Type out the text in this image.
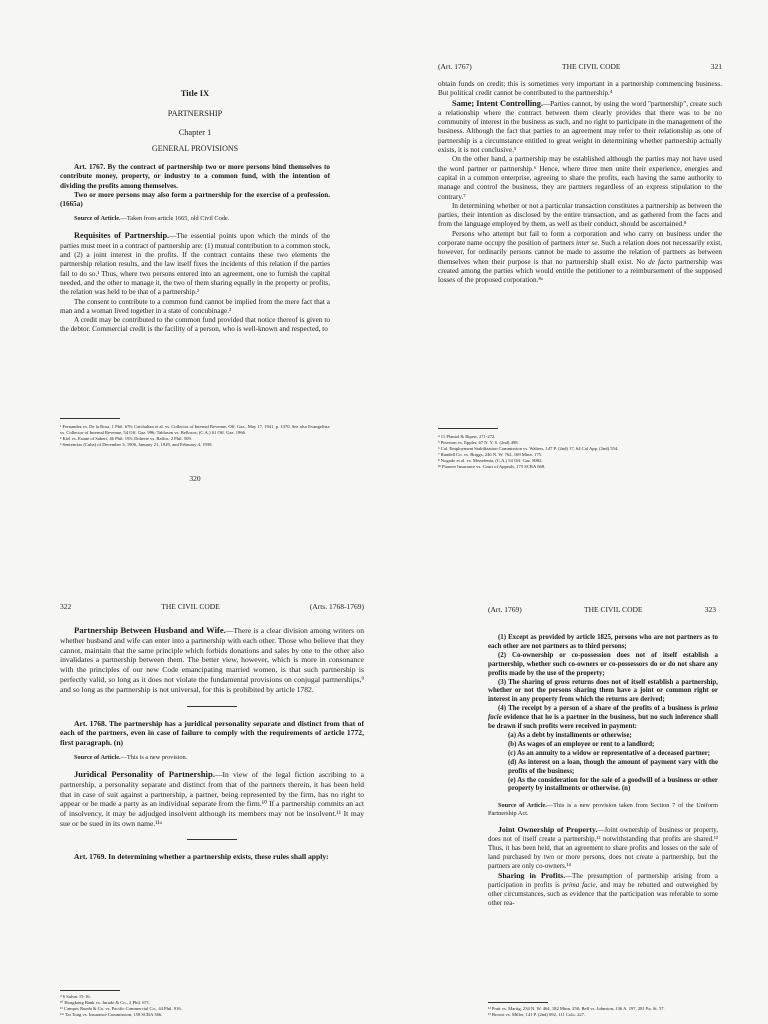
Title IX
PARTNERSHIP
Chapter 1
GENERAL PROVISIONS

Art. 1767. By the contract of partnership two or more persons bind themselves to contribute money, property, or industry to a common fund, with the intention of dividing the profits among themselves.

Two or more persons may also form a partnership for the exercise of a profession. (1665a)

Source of Article.—Taken from article 1665, old Civil Code.

Requisites of Partnership.—The essential points upon which the minds of the parties must meet in a contract of partnership are: (1) mutual contribution to a common stock, and (2) a joint interest in the profits. If the contract contains these two elements the partnership relation results, and the law itself fixes the incidents of this relation if the parties fail to do so.¹ Thus, where two persons entered into an agreement, one to furnish the capital needed, and the other to manage it, the two of them sharing equally in the property or profits, the relation was held to be that of a partnership.²

The consent to contribute to a common fund cannot be implied from the mere fact that a man and a woman lived together in a state of concubinage.³

A credit may be contributed to the common fund provided that notice thereof is given to the debtor. Commercial credit is the facility of a person, who is well-known and respected, to

¹ Fernandez vs. De la Rosa, 1 Phil. 676; Catchalian et al. vs. Collector of Internal Revenue, Off. Gaz., May 17, 1941, p. 1370. See also Evangelista vs. Collector of Internal Revenue, 54 Off. Gaz. 996; Tablason vs. Bellosos, (C.A.) 61 Off. Gaz. 1966.
² Kiel vs. Estate of Sabert, 46 Phil. 193; Doherte vs. Ralfos, 2 Phil. 509.
³ Sentencias (Cuba) of December 3, 1906, January 21, 1929, and February 4, 1939.
320
(Art. 1767)	THE CIVIL CODE	321

obtain funds on credit; this is sometimes very important in a partnership commencing business. But political credit cannot be contributed to the partnership.⁴

Same; Intent Controlling.—Parties cannot, by using the word "partnership", create such a relationship where the contract between them clearly provides that there was to be no community of interest in the business as such, and no right to participate in the management of the business. Although the fact that parties to an agreement may refer to their relationship as one of partnership is a circumstance entitled to great weight in determining whether partnership actually exists, it is not conclusive.⁵

On the other hand, a partnership may be established although the parties may not have used the word partner or partnership.⁶ Hence, where three men unite their experience, energies and capital in a common enterprise, agreeing to share the profits, each having the same authority to manage and control the business, they are partners regardless of an express stipulation to the contrary.⁷

In determining whether or not a particular transaction constitutes a partnership as between the parties, their intention as disclosed by the entire transaction, and as gathered from the facts and from the language employed by them, as well as their conduct, should be ascertained.⁸

Persons who attempt but fail to form a corporation and who carry on business under the corporate name occupy the position of partners inter se. Such a relation does not necessarily exist, however, for ordinarily persons cannot be made to assume the relation of partners as between themselves when their purpose is that no partnership shall exist. No de facto partnership was created among the parties which would entitle the petitioner to a reimbursement of the supposed losses of the proposed corporation.⁸ᵃ

⁴ 11 Planiol & Ripert, 271-272.
⁵ Peterson vs. Eppler, 67 N. Y. S. (2nd) 498.
⁶ Cal. Employment Stabilization Commission vs. Walters, 147 P. (2nd) 17, 64 Cal App. (2nd) 554.
⁷ Randell Co. vs. Briggs, 246 N. W. 762, 169 Minn. 175.
⁸ Nogado et al. vs. Mezadenia, (C.A.) 54 Off. Gaz. 8082.
⁸ᵃ Pioneer Insurance vs. Court of Appeals, 175 SCRA 668.
322	THE CIVIL CODE	(Arts. 1768-1769)

Partnership Between Husband and Wife.—There is a clear division among writers on whether husband and wife can enter into a partnership with each other. Those who believe that they cannot, maintain that the same principle which forbids donations and sales by one to the other also invalidates a partnership between them. The better view, however, which is more in consonance with the principles of our new Code emancipating married women, is that such partnership is perfectly valid, so long as it does not violate the fundamental provisions on conjugal partnerships,⁹ and so long as the partnership is not universal, for this is prohibited by article 1782.

Art. 1768. The partnership has a juridical personality separate and distinct from that of each of the partners, even in case of failure to comply with the requirements of article 1772, first paragraph. (n)

Source of Article.—This is a new provision.

Juridical Personality of Partnership.—In view of the legal fiction ascribing to a partnership, a personality separate and distinct from that of the partners therein, it has been held that in case of suit against a partnership, a partner, being represented by the firm, has no right to appear or be made a party as an individual separate from the firm.¹⁰ If a partnership commits an act of insolvency, it may be adjudged insolvent although its members may not be insolvent.¹¹ It may sue or be sued in its own name.¹¹ᵃ

Art. 1769. In determining whether a partnership exists, these rules shall apply:

⁹ 6 Salvat 15-16.
¹⁰ Hongkong Bank vs. Jurado & Co., 2 Phil. 671.
¹¹ Campos Rueda & Co. vs. Pacific Commercial Co., 44 Phil. 916.
¹¹ᵃ Tai Tong vs. Insurance Commission, 158 SCRA 366.
(Art. 1769)	THE CIVIL CODE	323

(1) Except as provided by article 1825, persons who are not partners as to each other are not partners as to third persons;

(2) Co-ownership or co-possession does not of itself establish a partnership, whether such co-owners or co-possessors do or do not share any profits made by the use of the property;

(3) The sharing of gross returns does not of itself establish a partnership, whether or not the persons sharing them have a joint or common right or interest in any property from which the returns are derived;

(4) The receipt by a person of a share of the profits of a business is prima facie evidence that he is a partner in the business, but no such inference shall be drawn if such profits were received in payment:

(a) As a debt by installments or otherwise;

(b) As wages of an employee or rent to a landlord;

(c) As an annuity to a widow or representative of a deceased partner;

(d) As interest on a loan, though the amount of payment vary with the profits of the business;

(e) As the consideration for the sale of a goodwill of a business or other property by installments or otherwise. (n)

Source of Article.—This is a new provision taken from Section 7 of the Uniform Partnership Act.

Joint Ownership of Property.—Joint ownership of business or property, does not of itself create a partnership,¹² notwithstanding that profits are shared.¹³ Thus, it has been held, that an agreement to share profits and losses on the sale of land purchased by two or more persons, does not create a partnership, but the partners are only co-owners.¹⁴

Sharing in Profits.—The presumption of partnership arising from a participation in profits is prima facie, and may be rebutted and outweighed by other circumstances, such as evidence that the participation was referable to some other rea-

¹² Pratt vs. Martig, 234 N. W. 464, 182 Minn. 250; Bell vs. Johnston, 136 A. 197, 281 Pa. St. 57.
¹³ Brown vs. Miller, 141 P. (2nd) 692, 111 Colo. 227.
